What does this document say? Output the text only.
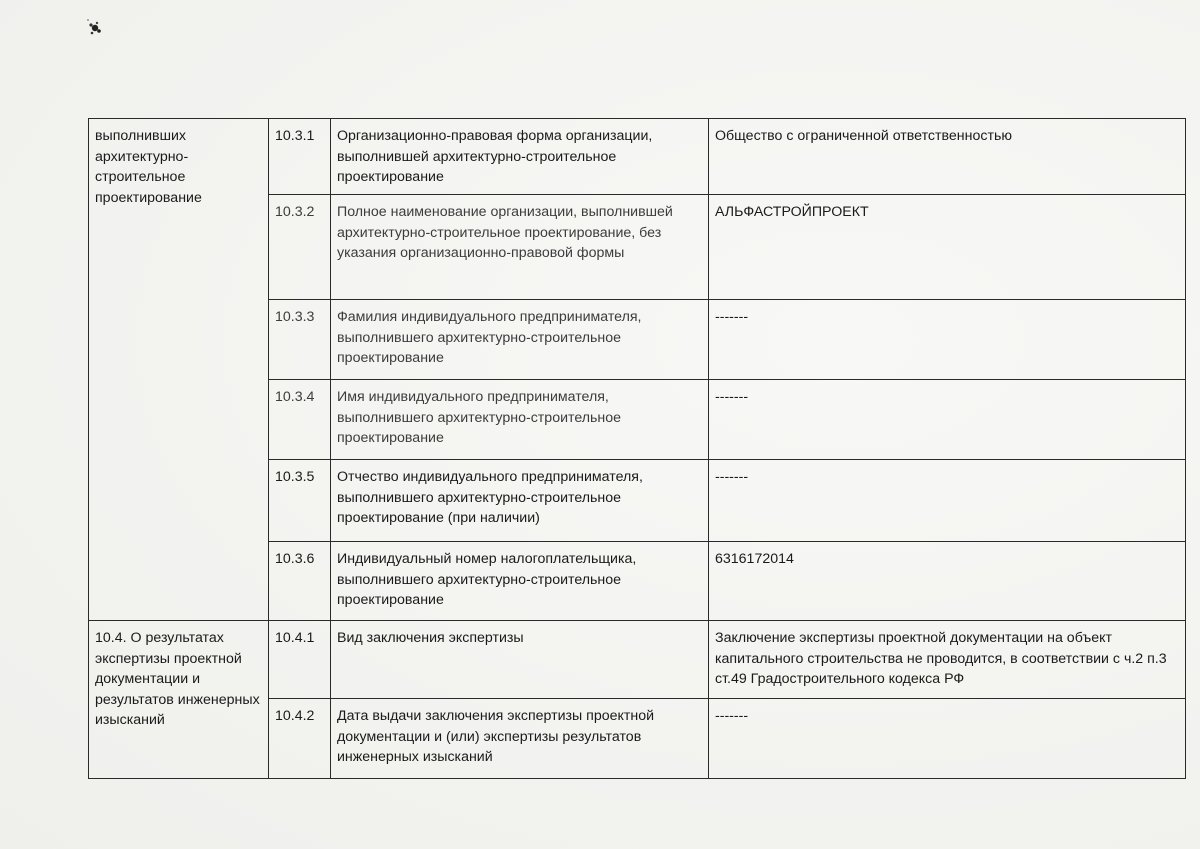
выполнивших архитектурно-строительное проектирование	10.3.1	Организационно-правовая форма организации, выполнившей архитектурно-строительное проектирование	Общество с ограниченной ответственностью
	10.3.2	Полное наименование организации, выполнившей архитектурно-строительное проектирование, без указания организационно-правовой формы	АЛЬФАСТРОЙПРОЕКТ
	10.3.3	Фамилия индивидуального предпринимателя, выполнившего архитектурно-строительное проектирование	-------
	10.3.4	Имя индивидуального предпринимателя, выполнившего архитектурно-строительное проектирование	-------
	10.3.5	Отчество индивидуального предпринимателя, выполнившего архитектурно-строительное проектирование (при наличии)	-------
	10.3.6	Индивидуальный номер налогоплательщика, выполнившего архитектурно-строительное проектирование	6316172014
10.4. О результатах экспертизы проектной документации и результатов инженерных изысканий	10.4.1	Вид заключения экспертизы	Заключение экспертизы проектной документации на объект капитального строительства не проводится, в соответствии с ч.2 п.3 ст.49 Градостроительного кодекса РФ
	10.4.2	Дата выдачи заключения экспертизы проектной документации и (или) экспертизы результатов инженерных изысканий	-------
